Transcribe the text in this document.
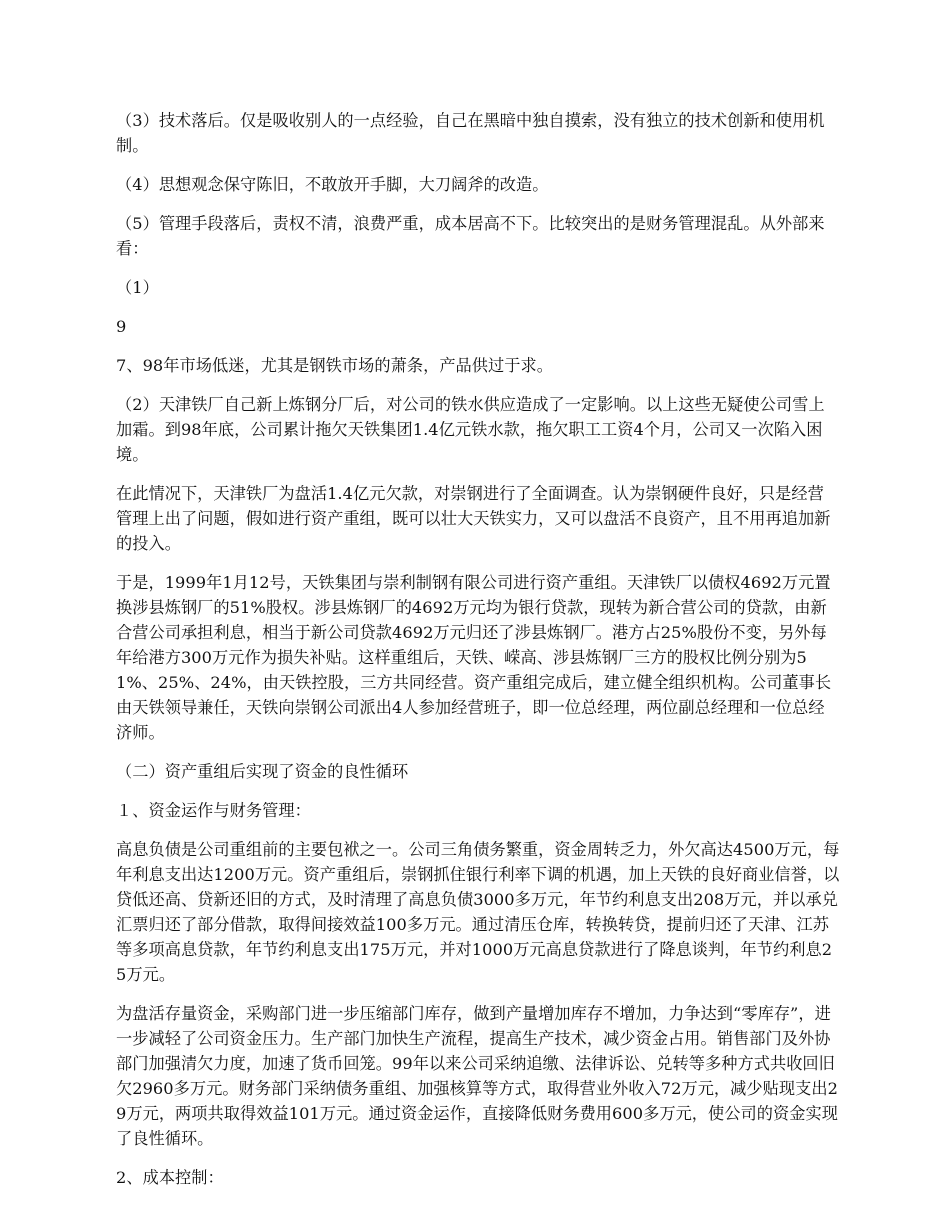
（3）技术落后。仅是吸收别人的一点经验，自己在黑暗中独自摸索，没有独立的技术创新和使用机制。

（4）思想观念保守陈旧，不敢放开手脚，大刀阔斧的改造。

（5）管理手段落后，责权不清，浪费严重，成本居高不下。比较突出的是财务管理混乱。从外部来看：

（1）

9

7、98年市场低迷，尤其是钢铁市场的萧条，产品供过于求。

（2）天津铁厂自己新上炼钢分厂后，对公司的铁水供应造成了一定影响。以上这些无疑使公司雪上加霜。到98年底，公司累计拖欠天铁集团1.4亿元铁水款，拖欠职工工资4个月，公司又一次陷入困境。

在此情况下，天津铁厂为盘活1.4亿元欠款，对崇钢进行了全面调查。认为崇钢硬件良好，只是经营管理上出了问题，假如进行资产重组，既可以壮大天铁实力，又可以盘活不良资产，且不用再追加新的投入。

于是，1999年1月12号，天铁集团与崇利制钢有限公司进行资产重组。天津铁厂以债权4692万元置换涉县炼钢厂的51%股权。涉县炼钢厂的4692万元均为银行贷款，现转为新合营公司的贷款，由新合营公司承担利息，相当于新公司贷款4692万元归还了涉县炼钢厂。港方占25%股份不变，另外每年给港方300万元作为损失补贴。这样重组后，天铁、嵘高、涉县炼钢厂三方的股权比例分别为51%、25%、24%，由天铁控股，三方共同经营。资产重组完成后，建立健全组织机构。公司董事长由天铁领导兼任，天铁向崇钢公司派出4人参加经营班子，即一位总经理，两位副总经理和一位总经济师。

（二）资产重组后实现了资金的良性循环

１、资金运作与财务管理：

高息负债是公司重组前的主要包袱之一。公司三角债务繁重，资金周转乏力，外欠高达4500万元，每年利息支出达1200万元。资产重组后，崇钢抓住银行利率下调的机遇，加上天铁的良好商业信誉，以贷低还高、贷新还旧的方式，及时清理了高息负债3000多万元，年节约利息支出208万元，并以承兑汇票归还了部分借款，取得间接效益100多万元。通过清压仓库，转换转贷，提前归还了天津、江苏等多项高息贷款，年节约利息支出175万元，并对1000万元高息贷款进行了降息谈判，年节约利息25万元。

为盘活存量资金，采购部门进一步压缩部门库存，做到产量增加库存不增加，力争达到“零库存”，进一步减轻了公司资金压力。生产部门加快生产流程，提高生产技术，减少资金占用。销售部门及外协部门加强清欠力度，加速了货币回笼。99年以来公司采纳追缴、法律诉讼、兑转等多种方式共收回旧欠2960多万元。财务部门采纳债务重组、加强核算等方式，取得营业外收入72万元，减少贴现支出29万元，两项共取得效益101万元。通过资金运作，直接降低财务费用600多万元，使公司的资金实现了良性循环。

2、成本控制：
